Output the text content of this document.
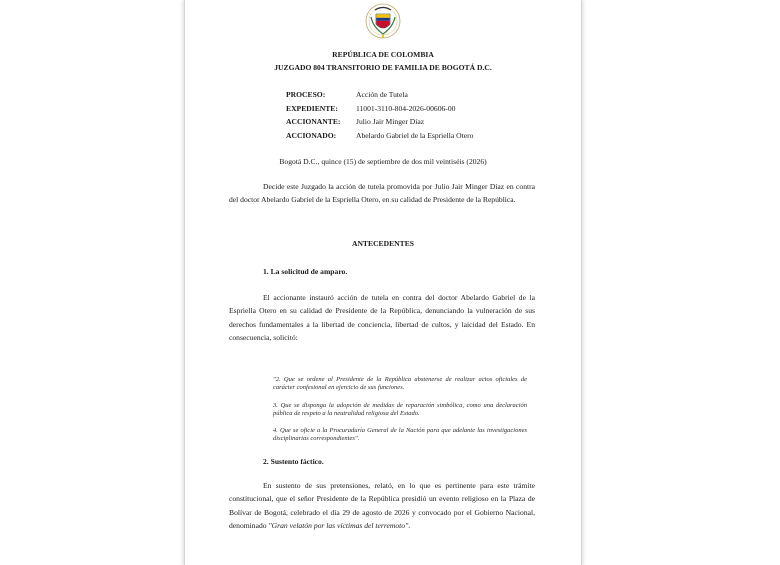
REPÚBLICA DE COLOMBIA
JUZGADO 804 TRANSITORIO DE FAMILIA DE BOGOTÁ D.C.
PROCESO:	Acción de Tutela
EXPEDIENTE: 11001-3110-804-2026-00606-00
ACCIONANTE: Julio Jair Minger Díaz
ACCIONADO:	Abelardo Gabriel de la Espriella Otero
Bogotá D.C., quince (15) de septiembre de dos mil veintiséis (2026)
Decide este Juzgado la acción de tutela promovida por Julio Jair Minger Díaz en contra del doctor Abelardo Gabriel de la Espriella Otero, en su calidad de Presidente de la República.
ANTECEDENTES
1. La solicitud de amparo.
El accionante instauró acción de tutela en contra del doctor Abelardo Gabriel de la Espriella Otero en su calidad de Presidente de la República, denunciando la vulneración de sus derechos fundamentales a la libertad de conciencia, libertad de cultos, y laicidad del Estado. En consecuencia, solicitó:
"2. Que se ordene al Presidente de la República abstenerse de realizar actos oficiales de carácter confesional en ejercicio de sus funciones.
3. Que se disponga la adopción de medidas de reparación simbólica, como una declaración pública de respeto a la neutralidad religiosa del Estado.
4. Que se oficie a la Procuraduría General de la Nación para que adelante las investigaciones disciplinarias correspondientes".
2. Sustento fáctico.
En sustento de sus pretensiones, relató, en lo que es pertinente para este trámite constitucional, que el señor Presidente de la República presidió un evento religioso en la Plaza de Bolívar de Bogotá, celebrado el día 29 de agosto de 2026 y convocado por el Gobierno Nacional, denominado "Gran velatón por las víctimas del terremoto".
